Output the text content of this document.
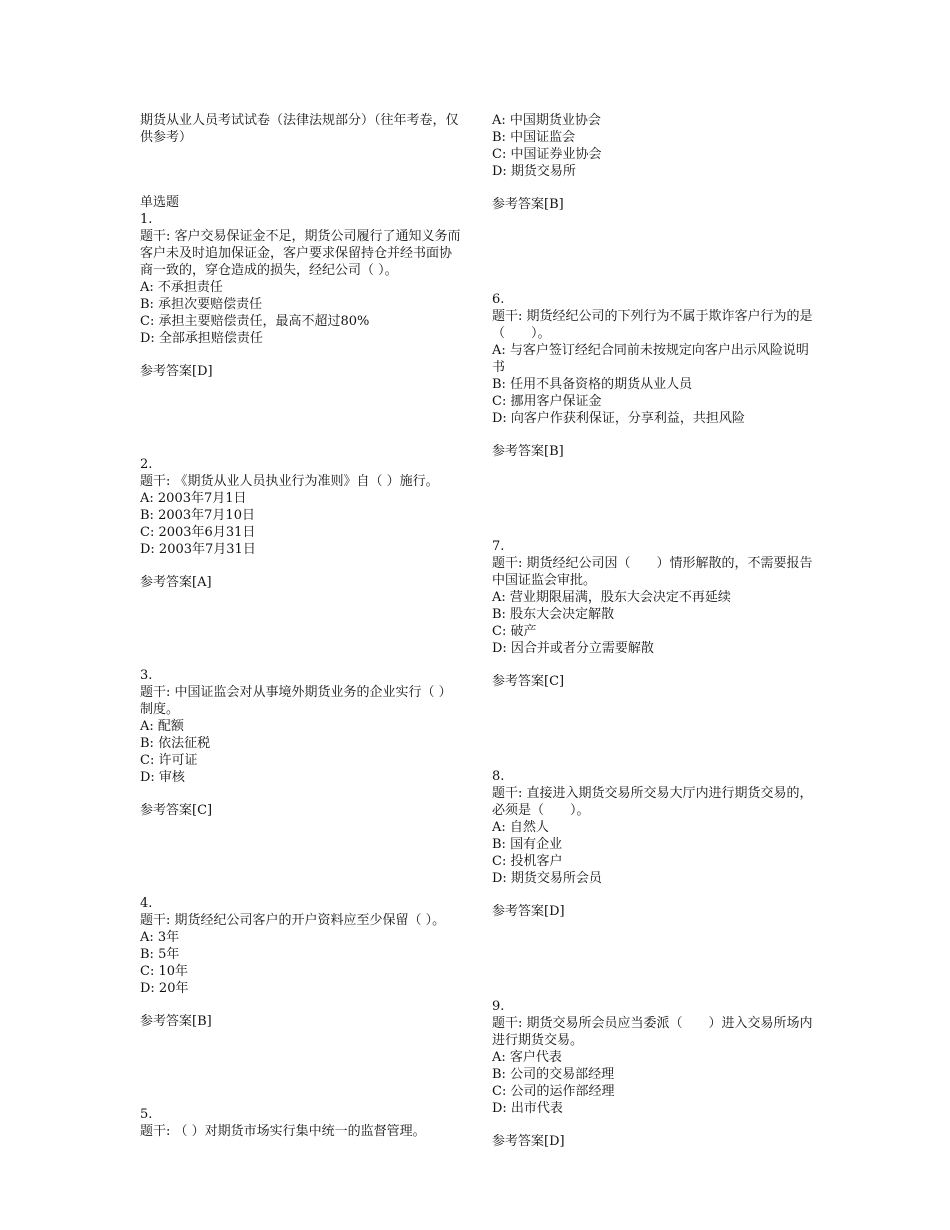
期货从业人员考试试卷（法律法规部分）（往年考卷，仅供参考）
单选题
1.
题干: 客户交易保证金不足，期货公司履行了通知义务而客户未及时追加保证金，客户要求保留持仓并经书面协商一致的，穿仓造成的损失，经纪公司（ ）。
A: 不承担责任
B: 承担次要赔偿责任
C: 承担主要赔偿责任，最高不超过80%
D: 全部承担赔偿责任
参考答案[D]
2.
题干: 《期货从业人员执业行为准则》自（ ）施行。
A: 2003年7月1日
B: 2003年7月10日
C: 2003年6月31日
D: 2003年7月31日
参考答案[A]
3.
题干: 中国证监会对从事境外期货业务的企业实行（ ）制度。
A: 配额
B: 依法征税
C: 许可证
D: 审核
参考答案[C]
4.
题干: 期货经纪公司客户的开户资料应至少保留（ ）。
A: 3年
B: 5年
C: 10年
D: 20年
参考答案[B]
5.
题干: （ ）对期货市场实行集中统一的监督管理。
A: 中国期货业协会
B: 中国证监会
C: 中国证券业协会
D: 期货交易所
参考答案[B]
6.
题干: 期货经纪公司的下列行为不属于欺诈客户行为的是（　　）。
A: 与客户签订经纪合同前未按规定向客户出示风险说明书
B: 任用不具备资格的期货从业人员
C: 挪用客户保证金
D: 向客户作获利保证，分享利益，共担风险
参考答案[B]
7.
题干: 期货经纪公司因（　　）情形解散的，不需要报告中国证监会审批。
A: 营业期限届满，股东大会决定不再延续
B: 股东大会决定解散
C: 破产
D: 因合并或者分立需要解散
参考答案[C]
8.
题干: 直接进入期货交易所交易大厅内进行期货交易的，必须是（　　）。
A: 自然人
B: 国有企业
C: 投机客户
D: 期货交易所会员
参考答案[D]
9.
题干: 期货交易所会员应当委派（　　）进入交易所场内进行期货交易。
A: 客户代表
B: 公司的交易部经理
C: 公司的运作部经理
D: 出市代表
参考答案[D]
